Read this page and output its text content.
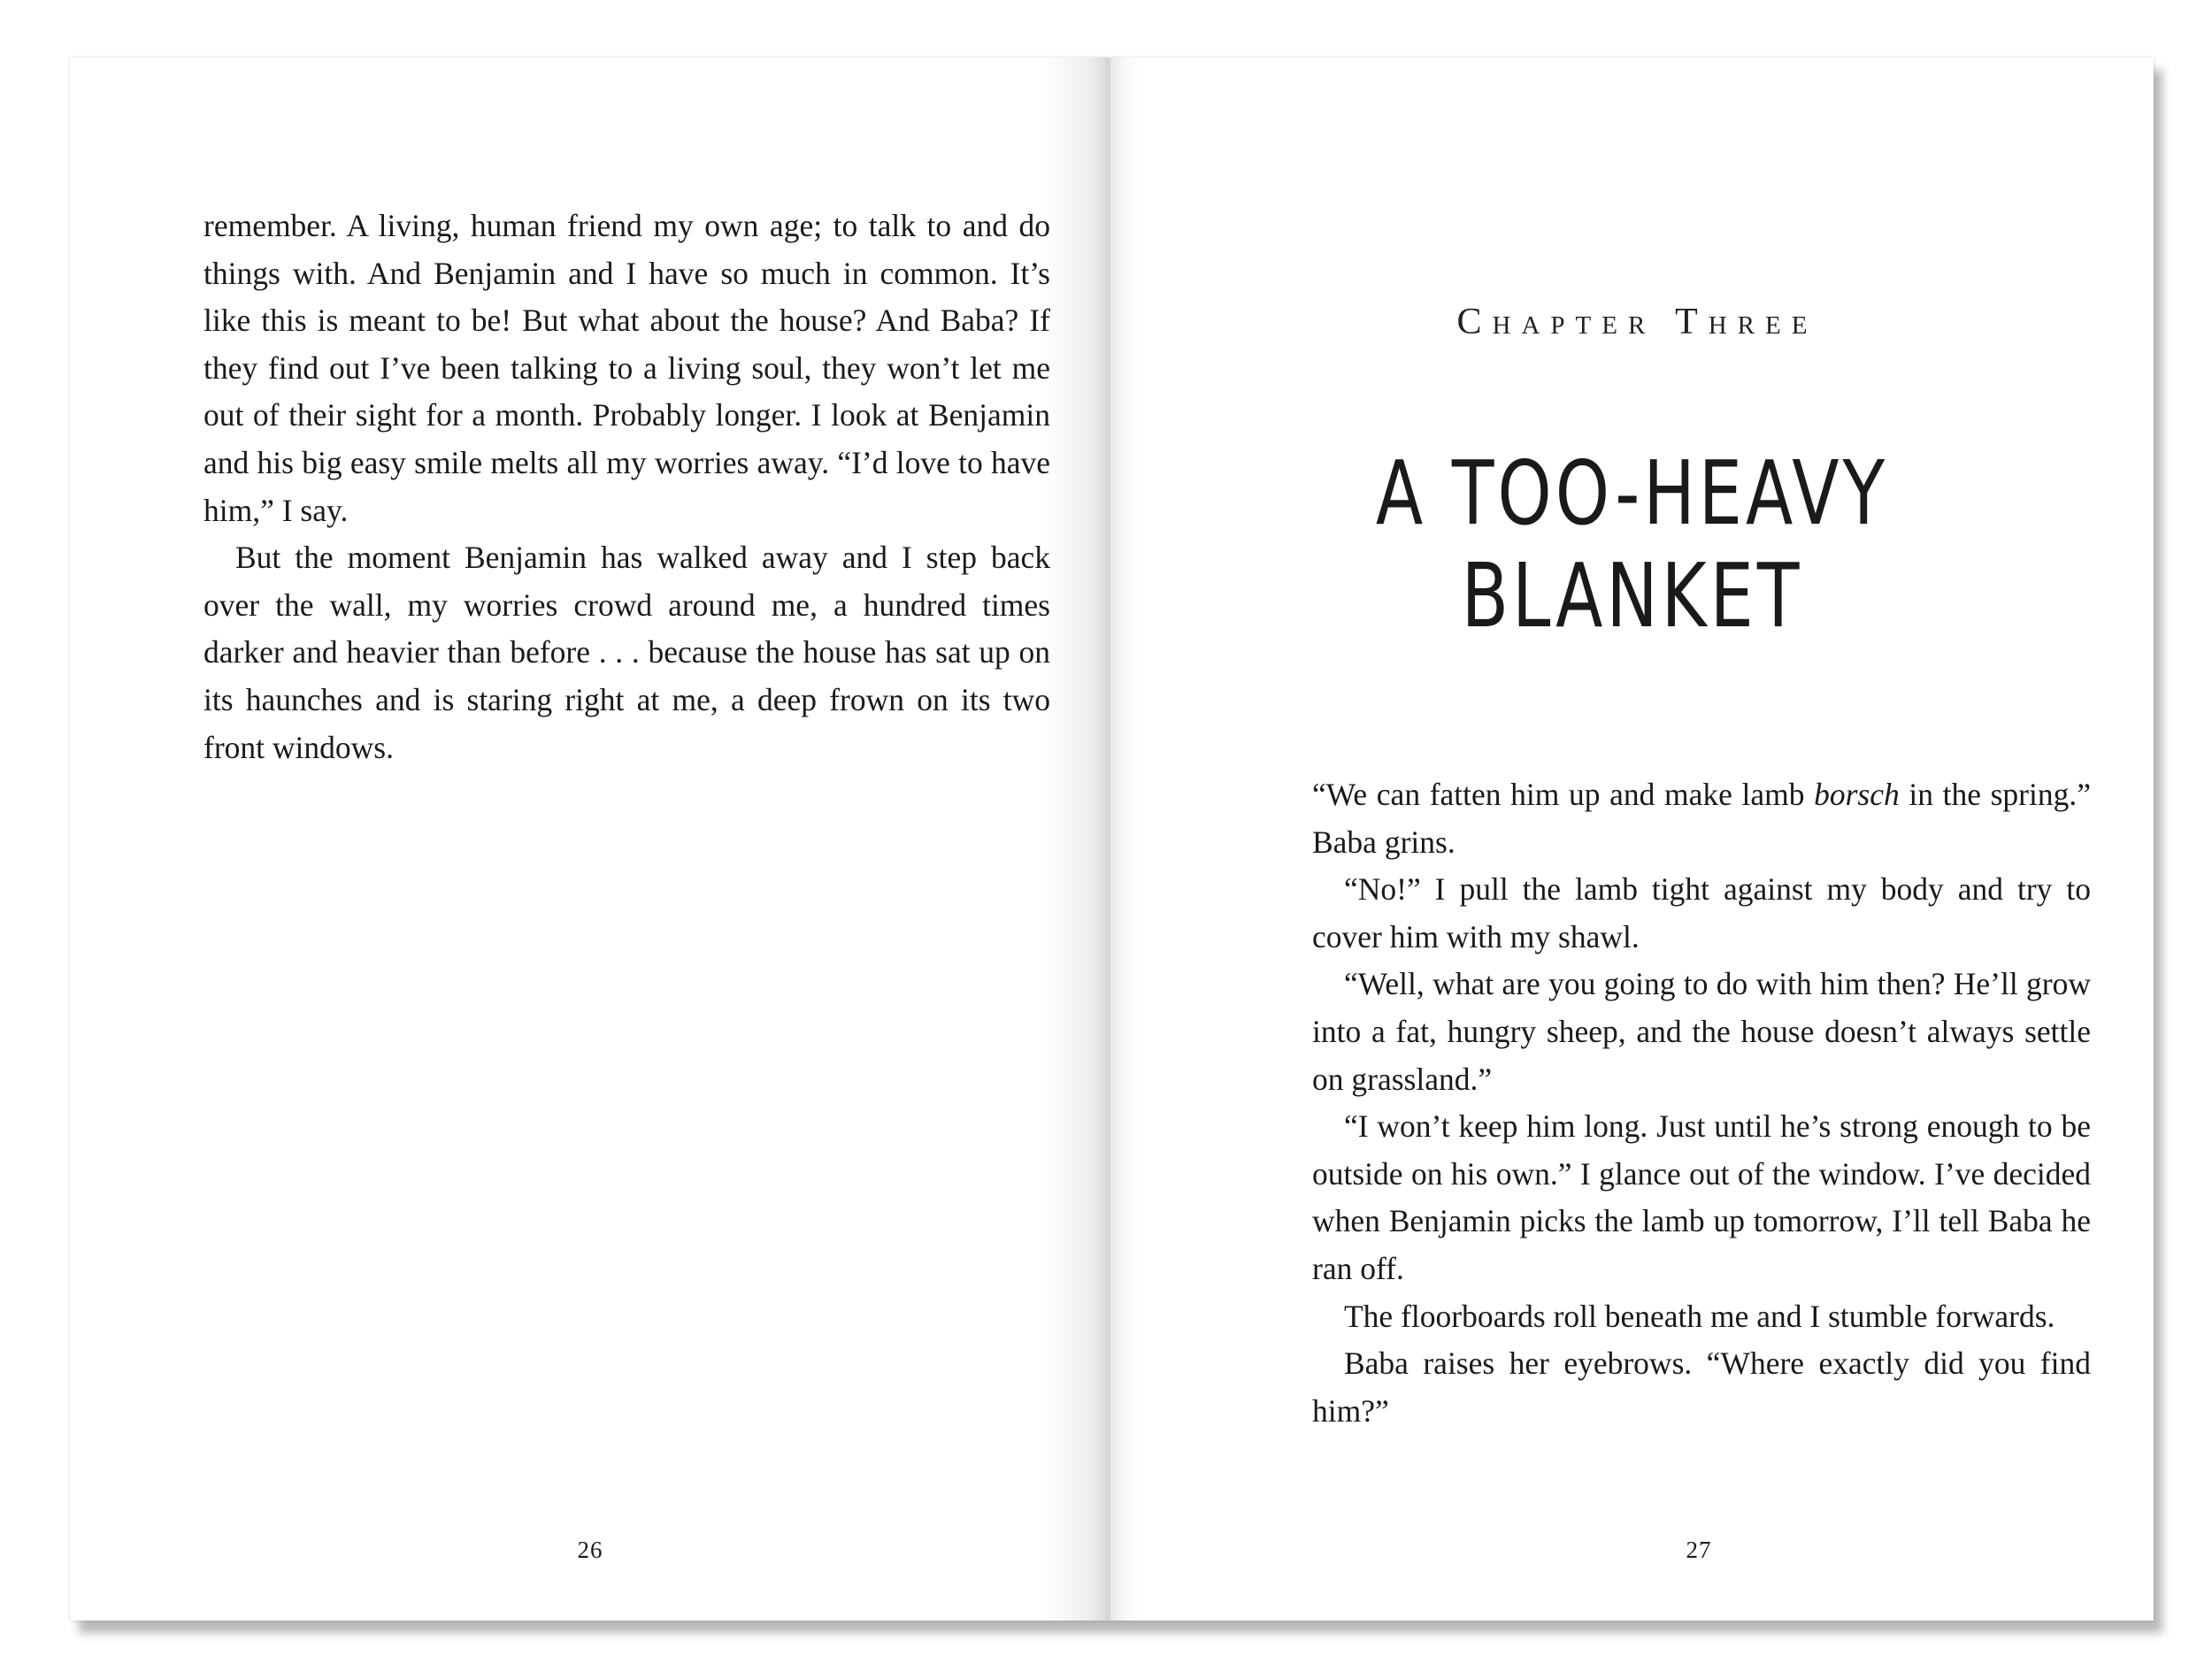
remember. A living, human friend my own age; to talk to and do things with. And Benjamin and I have so much in common. It’s like this is meant to be! But what about the house? And Baba? If they find out I’ve been talking to a living soul, they won’t let me out of their sight for a month. Probably longer. I look at Benjamin and his big easy smile melts all my worries away. “I’d love to have him,” I say.

But the moment Benjamin has walked away and I step back over the wall, my worries crowd around me, a hundred times darker and heavier than before . . . because the house has sat up on its haunches and is staring right at me, a deep frown on its two front windows.

26
Chapter Three
A TOO-HEAVY
BLANKET

“We can fatten him up and make lamb borsch in the spring.” Baba grins.

“No!” I pull the lamb tight against my body and try to cover him with my shawl.

“Well, what are you going to do with him then? He’ll grow into a fat, hungry sheep, and the house doesn’t always settle on grassland.”

“I won’t keep him long. Just until he’s strong enough to be outside on his own.” I glance out of the window. I’ve decided when Benjamin picks the lamb up tomorrow, I’ll tell Baba he ran off.

The floorboards roll beneath me and I stumble forwards.

Baba raises her eyebrows. “Where exactly did you find him?”

27
